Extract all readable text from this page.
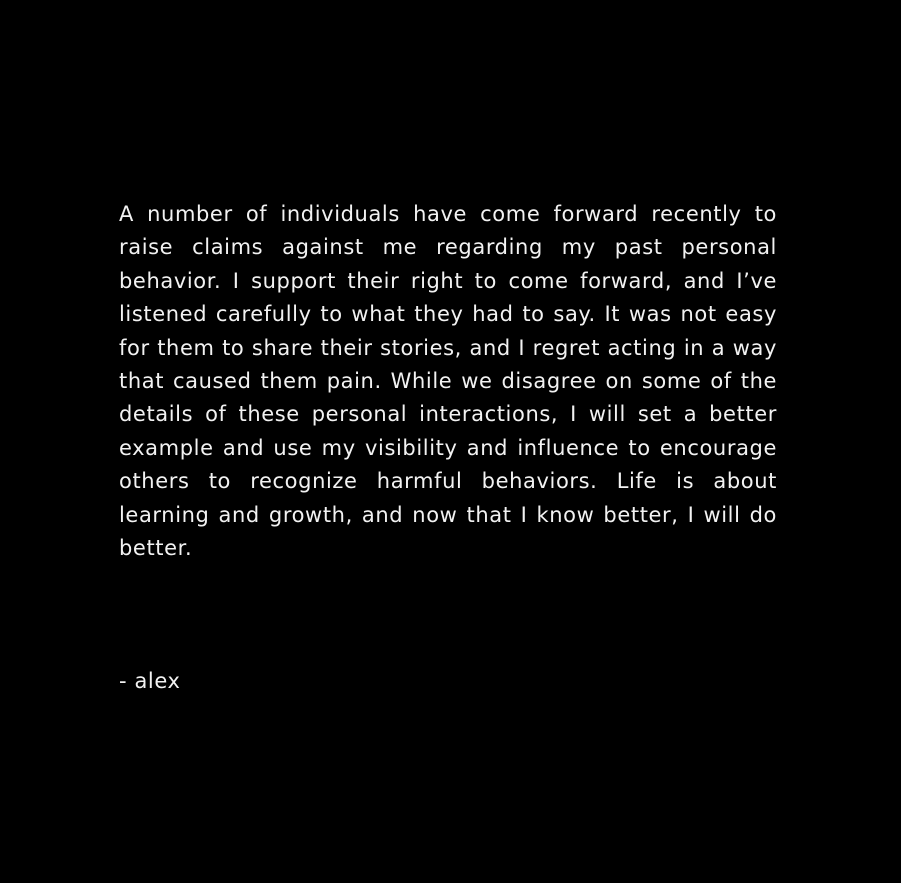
A number of individuals have come forward recently to raise claims against me regarding my past personal behavior. I support their right to come forward, and I’ve listened carefully to what they had to say. It was not easy for them to share their stories, and I regret acting in a way that caused them pain. While we disagree on some of the details of these personal interactions, I will set a better example and use my visibility and influence to encourage others to recognize harmful behaviors. Life is about learning and growth, and now that I know better, I will do better.

- alex
